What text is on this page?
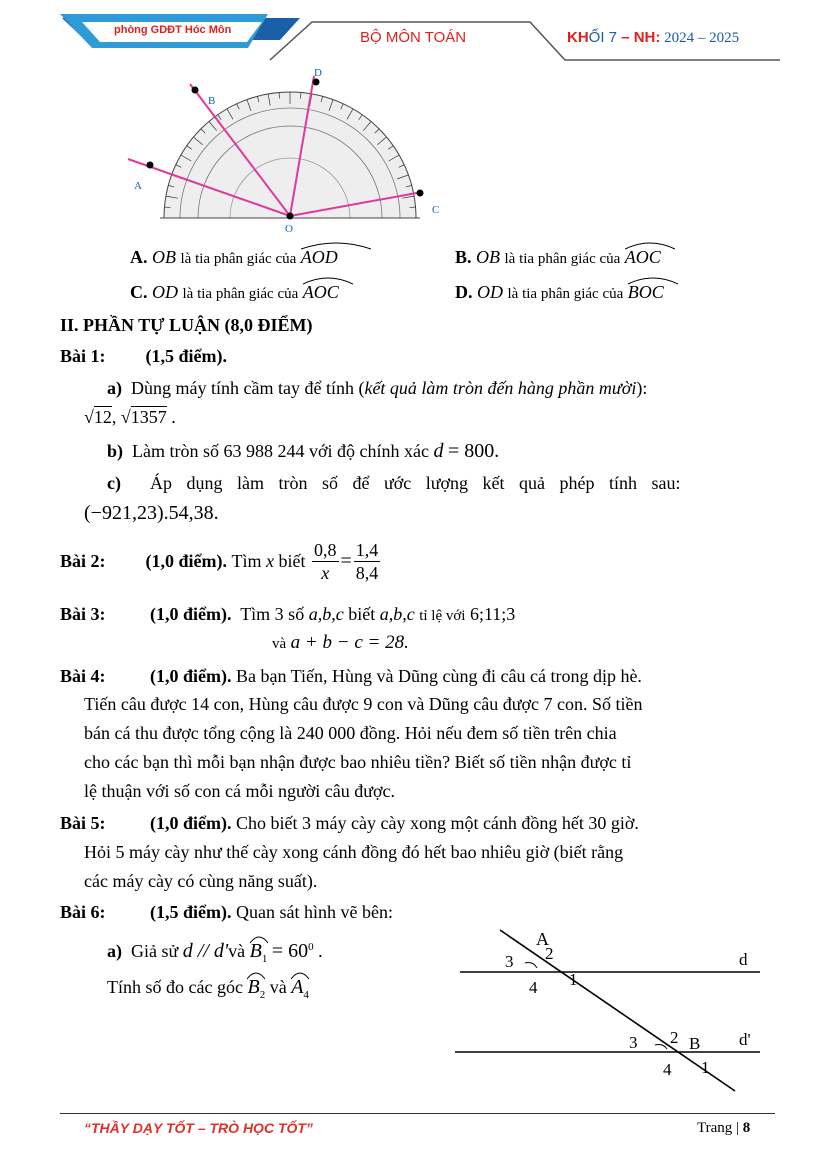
phòng GDĐT Hóc Môn	BỘ MÔN TOÁN	KHỐI 7 – NH: 2024 – 2025
A
B
D
C
O
A. OB là tia phân giác của AOD	B. OB là tia phân giác của AOC
C. OD là tia phân giác của AOC	D. OD là tia phân giác của BOC
II. PHẦN TỰ LUẬN (8,0 ĐIỂM)
Bài 1: (1,5 điểm).
a) Dùng máy tính cầm tay để tính (kết quả làm tròn đến hàng phần mười):
√12, √1357 .
b) Làm tròn số 63 988 244 với độ chính xác d = 800.
c) Áp dụng làm tròn số để ước lượng kết quả phép tính sau:
(−921,23).54,38.
Bài 2: (1,0 điểm).
Tìm
x
biết
$\frac{0,8}{x} = \frac{1,4}{8,4}$
Bài 3: (1,0 điểm). Tìm 3 số a,b,c biết a,b,c tỉ lệ với 6;11;3
và a + b − c = 28.
Bài 4: (1,0 điểm). Ba bạn Tiến, Hùng và Dũng cùng đi câu cá trong dịp hè.
Tiến câu được 14 con, Hùng câu được 9 con và Dũng câu được 7 con. Số tiền
bán cá thu được tổng cộng là 240 000 đồng. Hỏi nếu đem số tiền trên chia
cho các bạn thì mỗi bạn nhận được bao nhiêu tiền? Biết số tiền nhận được tỉ
lệ thuận với số con cá mỗi người câu được.
Bài 5: (1,0 điểm). Cho biết 3 máy cày cày xong một cánh đồng hết 30 giờ.
Hỏi 5 máy cày như thế cày xong cánh đồng đó hết bao nhiêu giờ (biết rằng
các máy cày có cùng năng suất).
Bài 6: (1,5 điểm). Quan sát hình vẽ bên:
a) Giả sử d // d'và $B_1 = 60^0$ .
Tính số đo các góc $B_2$ và $A_4$
A
2
3
1
4
d
d'
2 B
3
1
4
“THẦY DẠY TỐT – TRÒ HỌC TỐT”	Trang | 8
